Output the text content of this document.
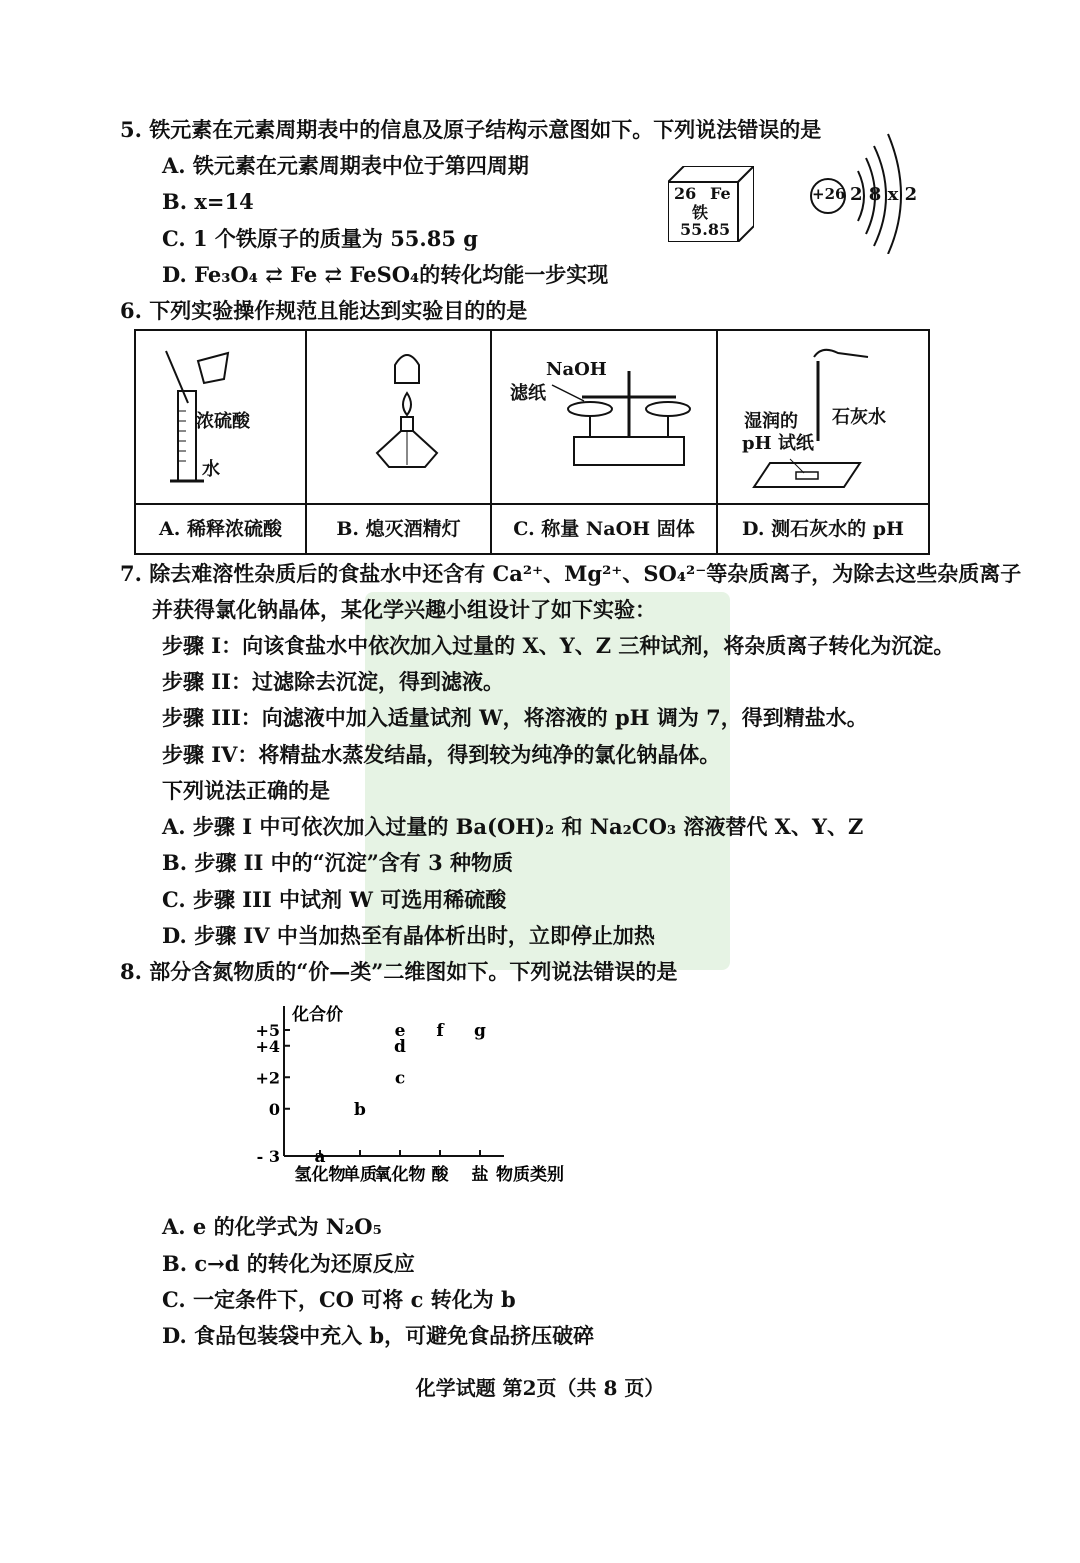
5. 铁元素在元素周期表中的信息及原子结构示意图如下。下列说法错误的是
A. 铁元素在元素周期表中位于第四周期
B. x=14
C. 1 个铁原子的质量为 55.85 g
D. Fe₃O₄ ⇄ Fe ⇄ FeSO₄的转化均能一步实现
26 Fe
铁
55.85
+26 2 8 x 2
6. 下列实验操作规范且能达到实验目的的是
浓硫酸
水
A. 稀释浓硫酸	B. 熄灭酒精灯
NaOH
滤纸
C. 称量 NaOH 固体
湿润的
pH 试纸
石灰水
D. 测石灰水的 pH
7. 除去难溶性杂质后的食盐水中还含有 Ca²⁺、Mg²⁺、SO₄²⁻等杂质离子，为除去这些杂质离子
并获得氯化钠晶体，某化学兴趣小组设计了如下实验：
步骤 I：向该食盐水中依次加入过量的 X、Y、Z 三种试剂，将杂质离子转化为沉淀。
步骤 II：过滤除去沉淀，得到滤液。
步骤 III：向滤液中加入适量试剂 W，将溶液的 pH 调为 7，得到精盐水。
步骤 IV：将精盐水蒸发结晶，得到较为纯净的氯化钠晶体。
下列说法正确的是
A. 步骤 I 中可依次加入过量的 Ba(OH)₂ 和 Na₂CO₃ 溶液替代 X、Y、Z
B. 步骤 II 中的“沉淀”含有 3 种物质
C. 步骤 III 中试剂 W 可选用稀硫酸
D. 步骤 IV 中当加热至有晶体析出时，立即停止加热
8. 部分含氮物质的“价—类”二维图如下。下列说法错误的是
化合价
+5
+4
+2
0
- 3
氢化物
单质
氧化物 酸 盐 物质类别
a
b
c
d
e f g
A. e 的化学式为 N₂O₅
B. c→d 的转化为还原反应
C. 一定条件下，CO 可将 c 转化为 b
D. 食品包装袋中充入 b，可避免食品挤压破碎
化学试题 第2页（共 8 页）
